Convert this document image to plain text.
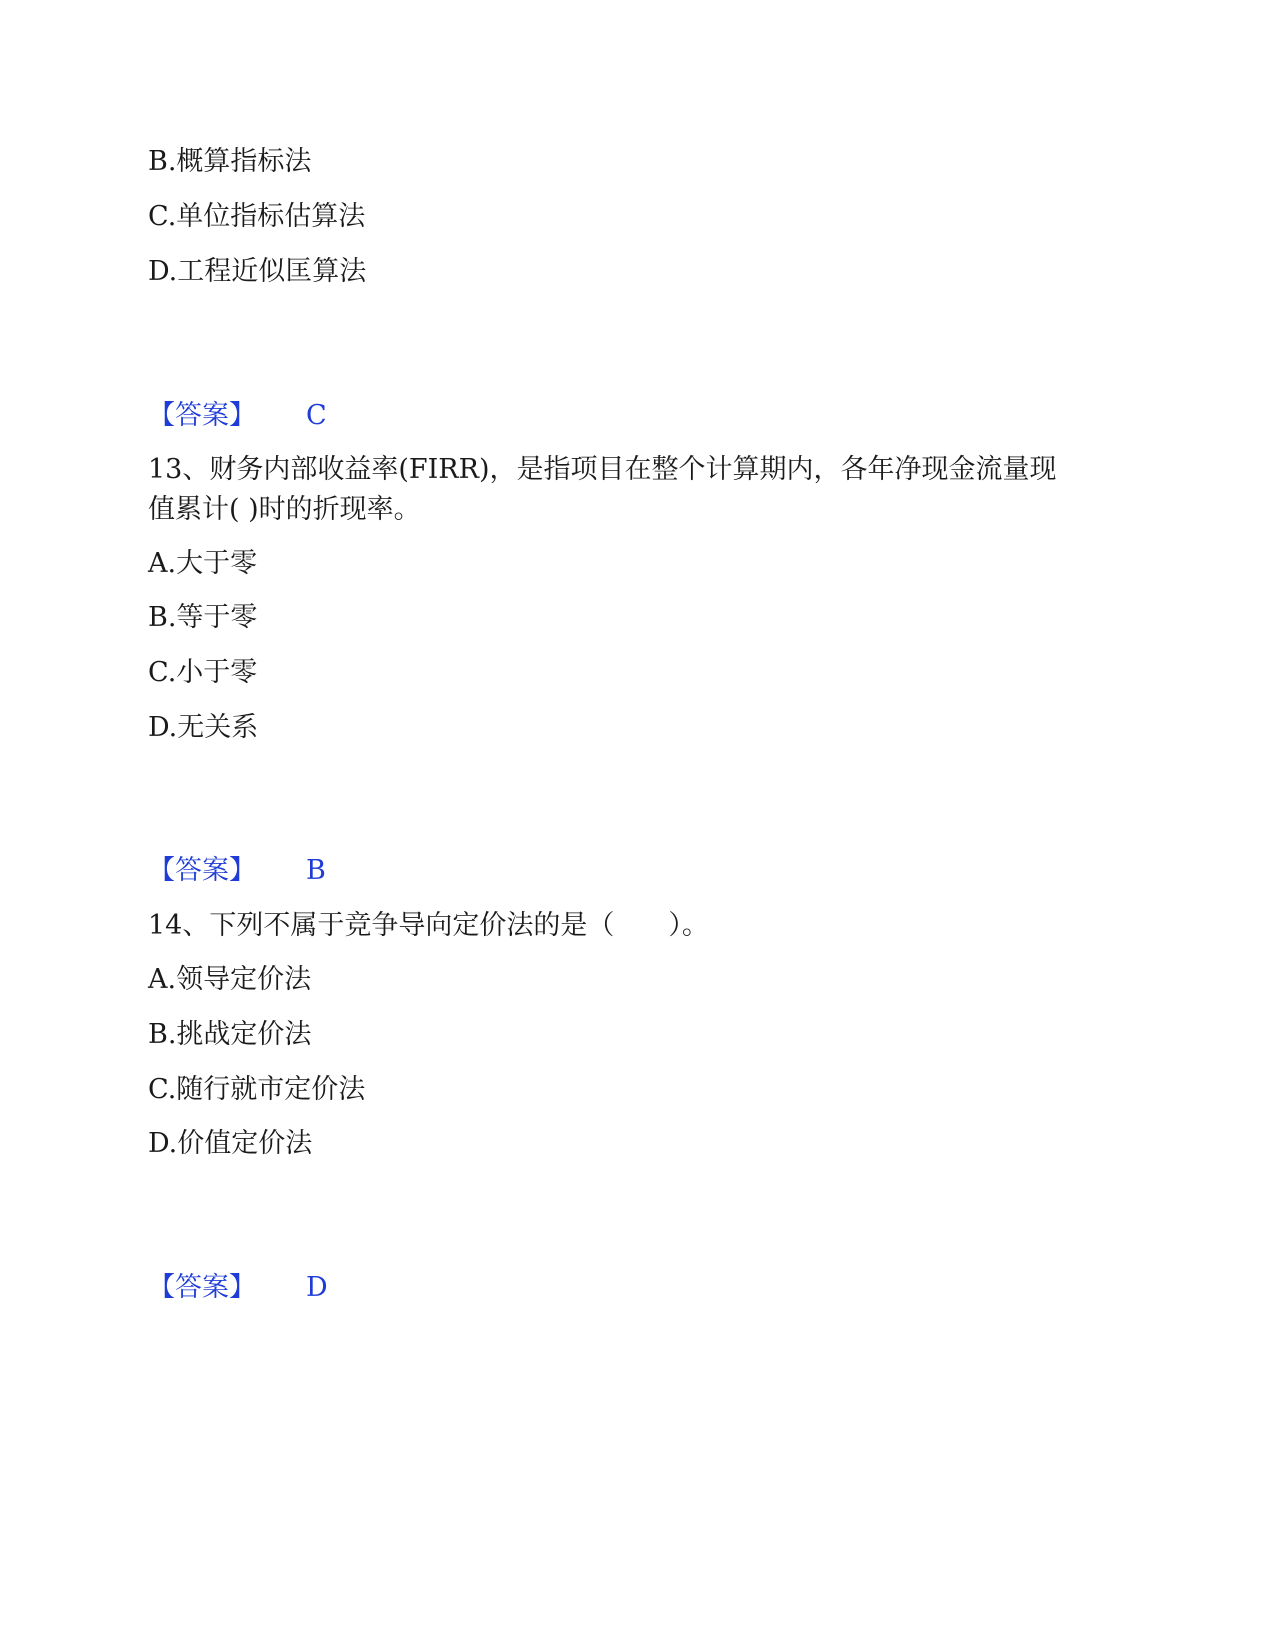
B.概算指标法
C.单位指标估算法
D.工程近似匡算法
【答案】 C
13、财务内部收益率(FIRR)，是指项目在整个计算期内，各年净现金流量现
值累计( )时的折现率。
A.大于零
B.等于零
C.小于零
D.无关系
【答案】 B
14、下列不属于竞争导向定价法的是（　　）。
A.领导定价法
B.挑战定价法
C.随行就市定价法
D.价值定价法
【答案】 D
